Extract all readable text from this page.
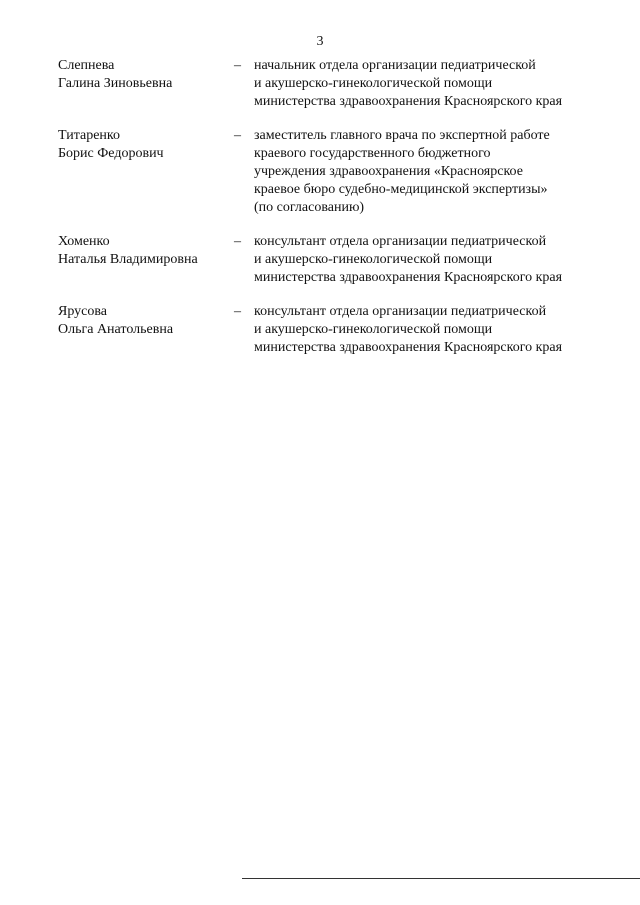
3
Слепнева
Галина Зиновьевна
– начальник отдела организации педиатрической
и акушерско-гинекологической помощи
министерства здравоохранения Красноярского края
Титаренко
Борис Федорович
– заместитель главного врача по экспертной работе
краевого государственного бюджетного
учреждения здравоохранения «Красноярское
краевое бюро судебно-медицинской экспертизы»
(по согласованию)
Хоменко
Наталья Владимировна
– консультант отдела организации педиатрической
и акушерско-гинекологической помощи
министерства здравоохранения Красноярского края
Ярусова
Ольга Анатольевна
– консультант отдела организации педиатрической
и акушерско-гинекологической помощи
министерства здравоохранения Красноярского края
